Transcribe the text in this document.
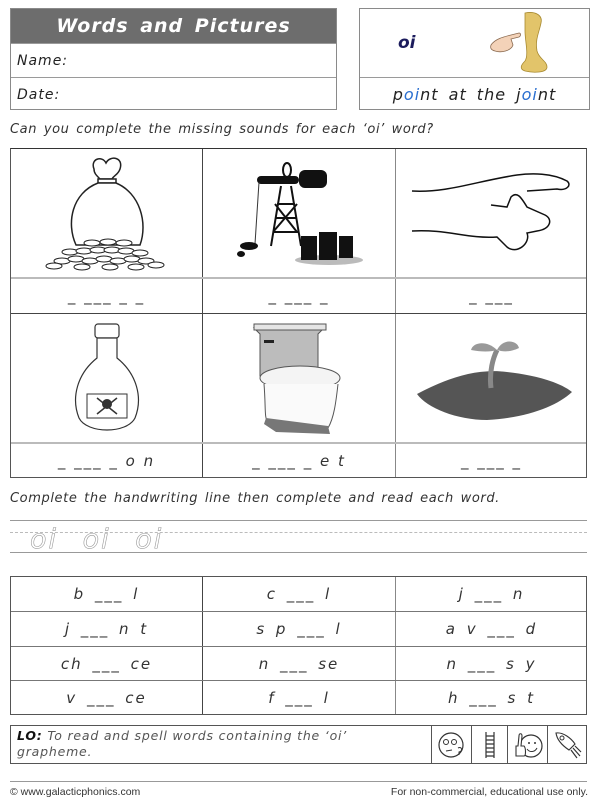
Words and Pictures
Name:
Date:
oi
p oi nt at the j oi nt
Can you complete the missing sounds for each ‘oi’ word?
_ ___ _ _	_ ___ _	_ ___
_ ___ _ o n	_ ___ _ e t	_ ___ _
Complete the handwriting line then complete and read each word.
oi oi oi
b ___ l	c ___ l	j ___ n
j ___ n t	s p ___ l	a v ___ d
ch ___ ce	n ___ se	n ___ s y
v ___ ce	f ___ l	h ___ s t
LO: To read and spell words containing the ‘oi’ grapheme.
© www.galacticphonics.com	For non-commercial, educational use only.
